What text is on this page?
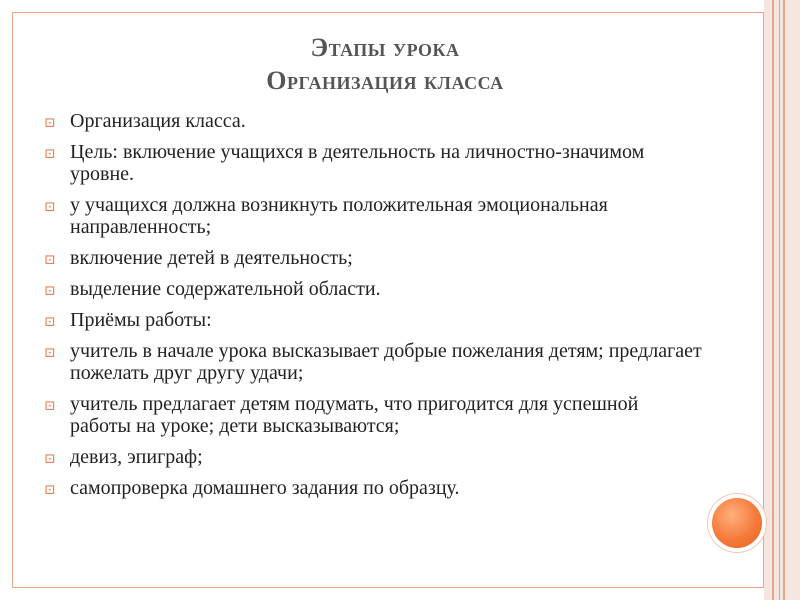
Этапы урока
Организация класса
⊡ Организация класса.
⊡ Цель: включение учащихся в деятельность на личностно-значимом уровне.
⊡ у учащихся должна возникнуть положительная эмоциональная направленность;
⊡ включение детей в деятельность;
⊡ выделение содержательной области.
⊡ Приёмы работы:
⊡ учитель в начале урока высказывает добрые пожелания детям; предлагает пожелать друг другу удачи;
⊡ учитель предлагает детям подумать, что пригодится для успешной работы на уроке; дети высказываются;
⊡ девиз, эпиграф;
⊡ самопроверка домашнего задания по образцу.
